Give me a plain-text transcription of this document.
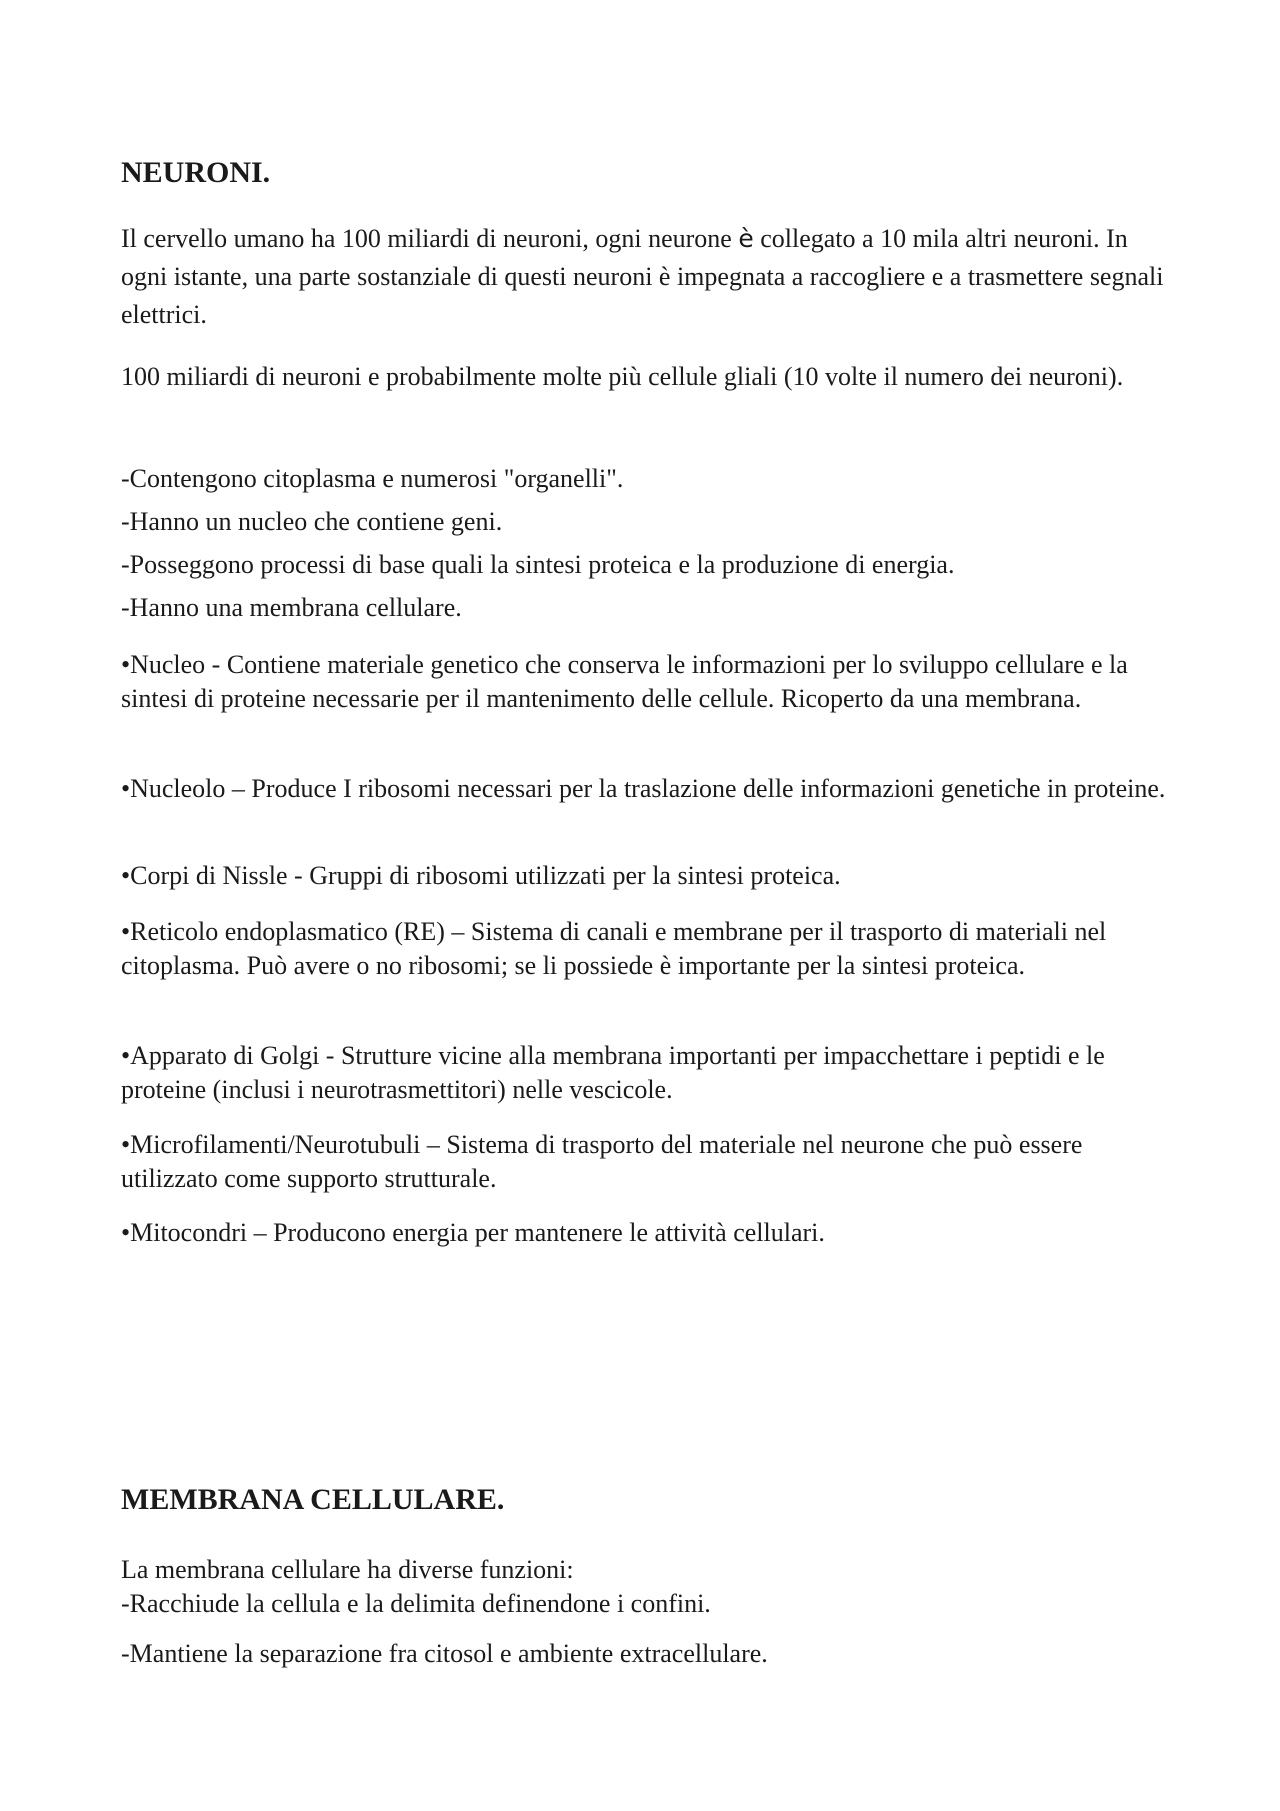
NEURONI.

Il cervello umano ha 100 miliardi di neuroni, ogni neurone è collegato a 10 mila altri neuroni. In ogni istante, una parte sostanziale di questi neuroni è impegnata a raccogliere e a trasmettere segnali elettrici.

100 miliardi di neuroni e probabilmente molte più cellule gliali (10 volte il numero dei neuroni).

-Contengono citoplasma e numerosi "organelli".

-Hanno un nucleo che contiene geni.

-Posseggono processi di base quali la sintesi proteica e la produzione di energia.

-Hanno una membrana cellulare.

•Nucleo - Contiene materiale genetico che conserva le informazioni per lo sviluppo cellulare e la sintesi di proteine necessarie per il mantenimento delle cellule. Ricoperto da una membrana.

•Nucleolo – Produce I ribosomi necessari per la traslazione delle informazioni genetiche in proteine.

•Corpi di Nissle - Gruppi di ribosomi utilizzati per la sintesi proteica.

•Reticolo endoplasmatico (RE) – Sistema di canali e membrane per il trasporto di materiali nel citoplasma. Può avere o no ribosomi; se li possiede è importante per la sintesi proteica.

•Apparato di Golgi - Strutture vicine alla membrana importanti per impacchettare i peptidi e le proteine (inclusi i neurotrasmettitori) nelle vescicole.

•Microfilamenti/Neurotubuli – Sistema di trasporto del materiale nel neurone che può essere utilizzato come supporto strutturale.

•Mitocondri – Producono energia per mantenere le attività cellulari.

MEMBRANA CELLULARE.

La membrana cellulare ha diverse funzioni:

-Racchiude la cellula e la delimita definendone i confini.

-Mantiene la separazione fra citosol e ambiente extracellulare.
